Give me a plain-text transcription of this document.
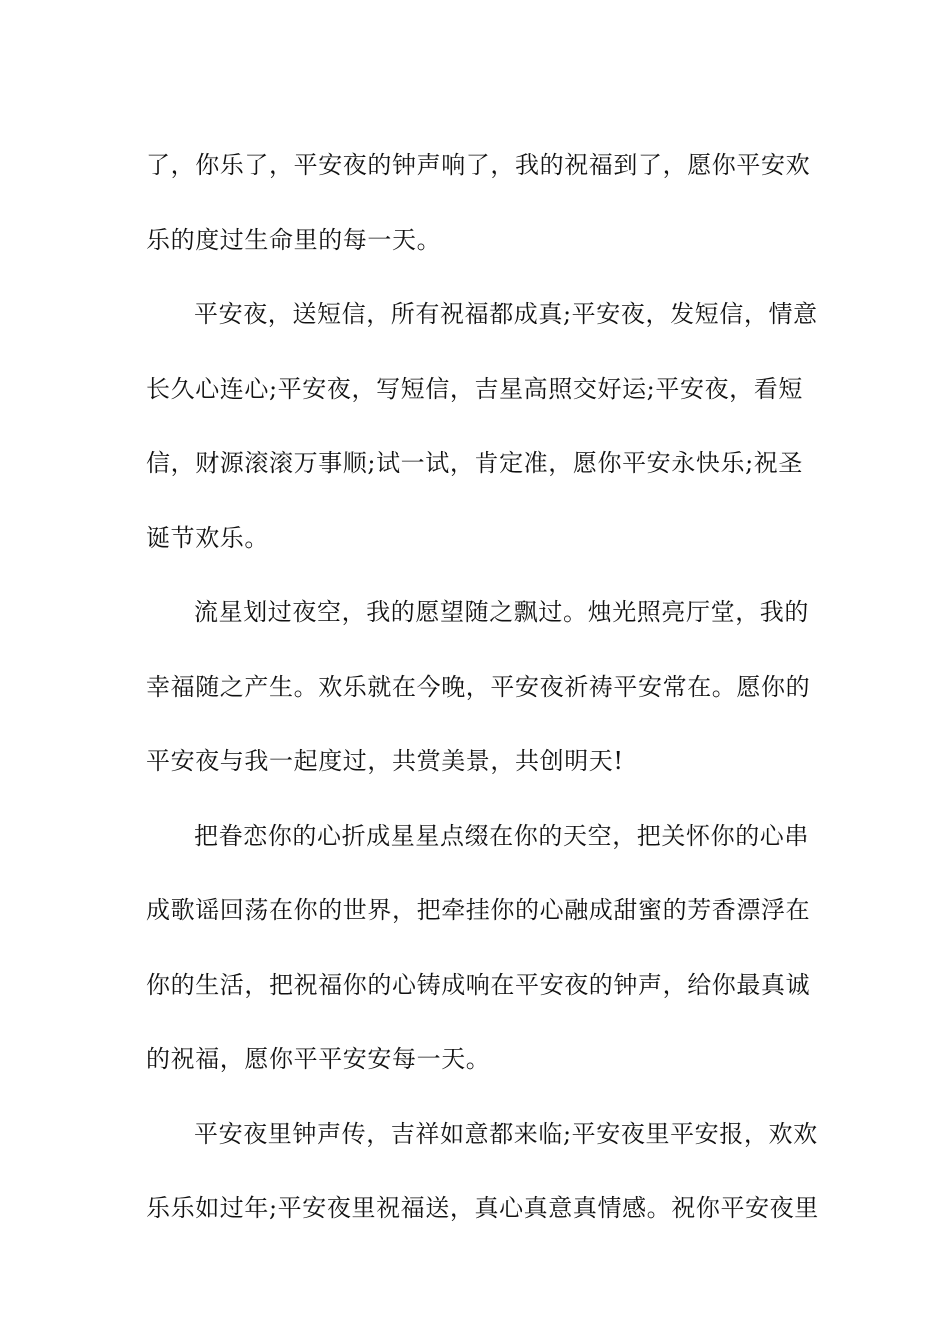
了，你乐了，平安夜的钟声响了，我的祝福到了，愿你平安欢
乐的度过生命里的每一天。
平安夜，送短信，所有祝福都成真;平安夜，发短信，情意
长久心连心;平安夜，写短信，吉星高照交好运;平安夜，看短
信，财源滚滚万事顺;试一试，肯定准，愿你平安永快乐;祝圣
诞节欢乐。
流星划过夜空，我的愿望随之飘过。烛光照亮厅堂，我的
幸福随之产生。欢乐就在今晚，平安夜祈祷平安常在。愿你的
平安夜与我一起度过，共赏美景，共创明天!
把眷恋你的心折成星星点缀在你的天空，把关怀你的心串
成歌谣回荡在你的世界，把牵挂你的心融成甜蜜的芳香漂浮在
你的生活，把祝福你的心铸成响在平安夜的钟声，给你最真诚
的祝福，愿你平平安安每一天。
平安夜里钟声传，吉祥如意都来临;平安夜里平安报，欢欢
乐乐如过年;平安夜里祝福送，真心真意真情感。祝你平安夜里
